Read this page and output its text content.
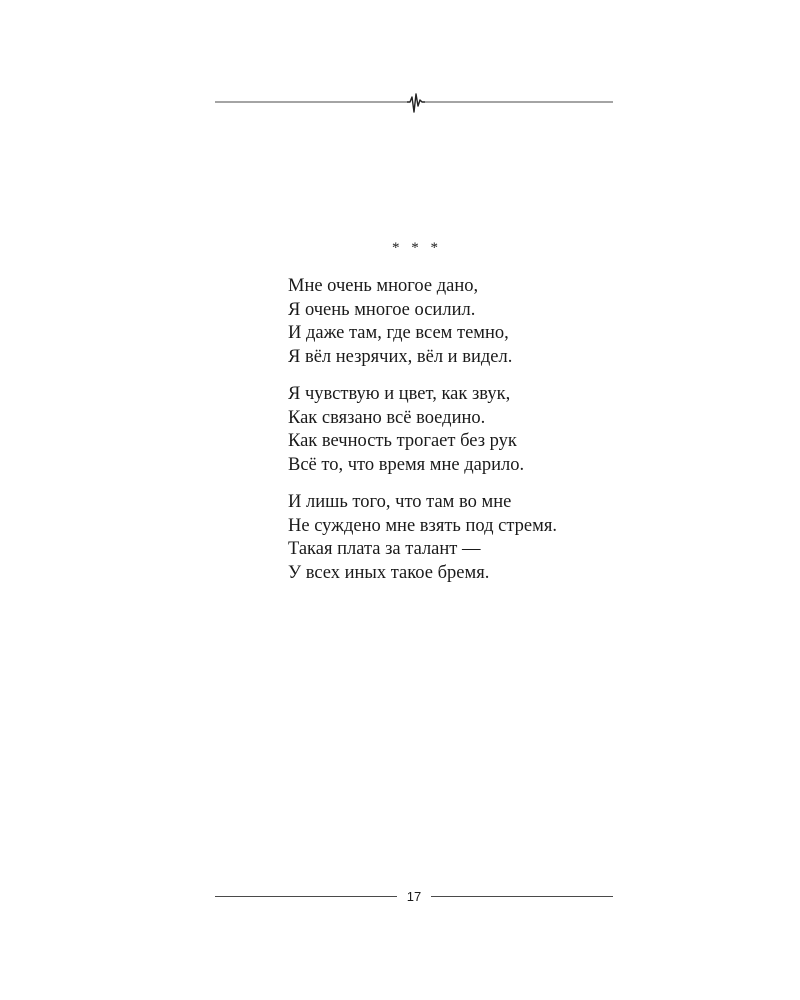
* * *
Мне очень многое дано,
Я очень многое осилил.
И даже там, где всем темно,
Я вёл незрячих, вёл и видел.
Я чувствую и цвет, как звук,
Как связано всё воедино.
Как вечность трогает без рук
Всё то, что время мне дарило.
И лишь того, что там во мне
Не суждено мне взять под стремя.
Такая плата за талант —
У всех иных такое бремя.
17
